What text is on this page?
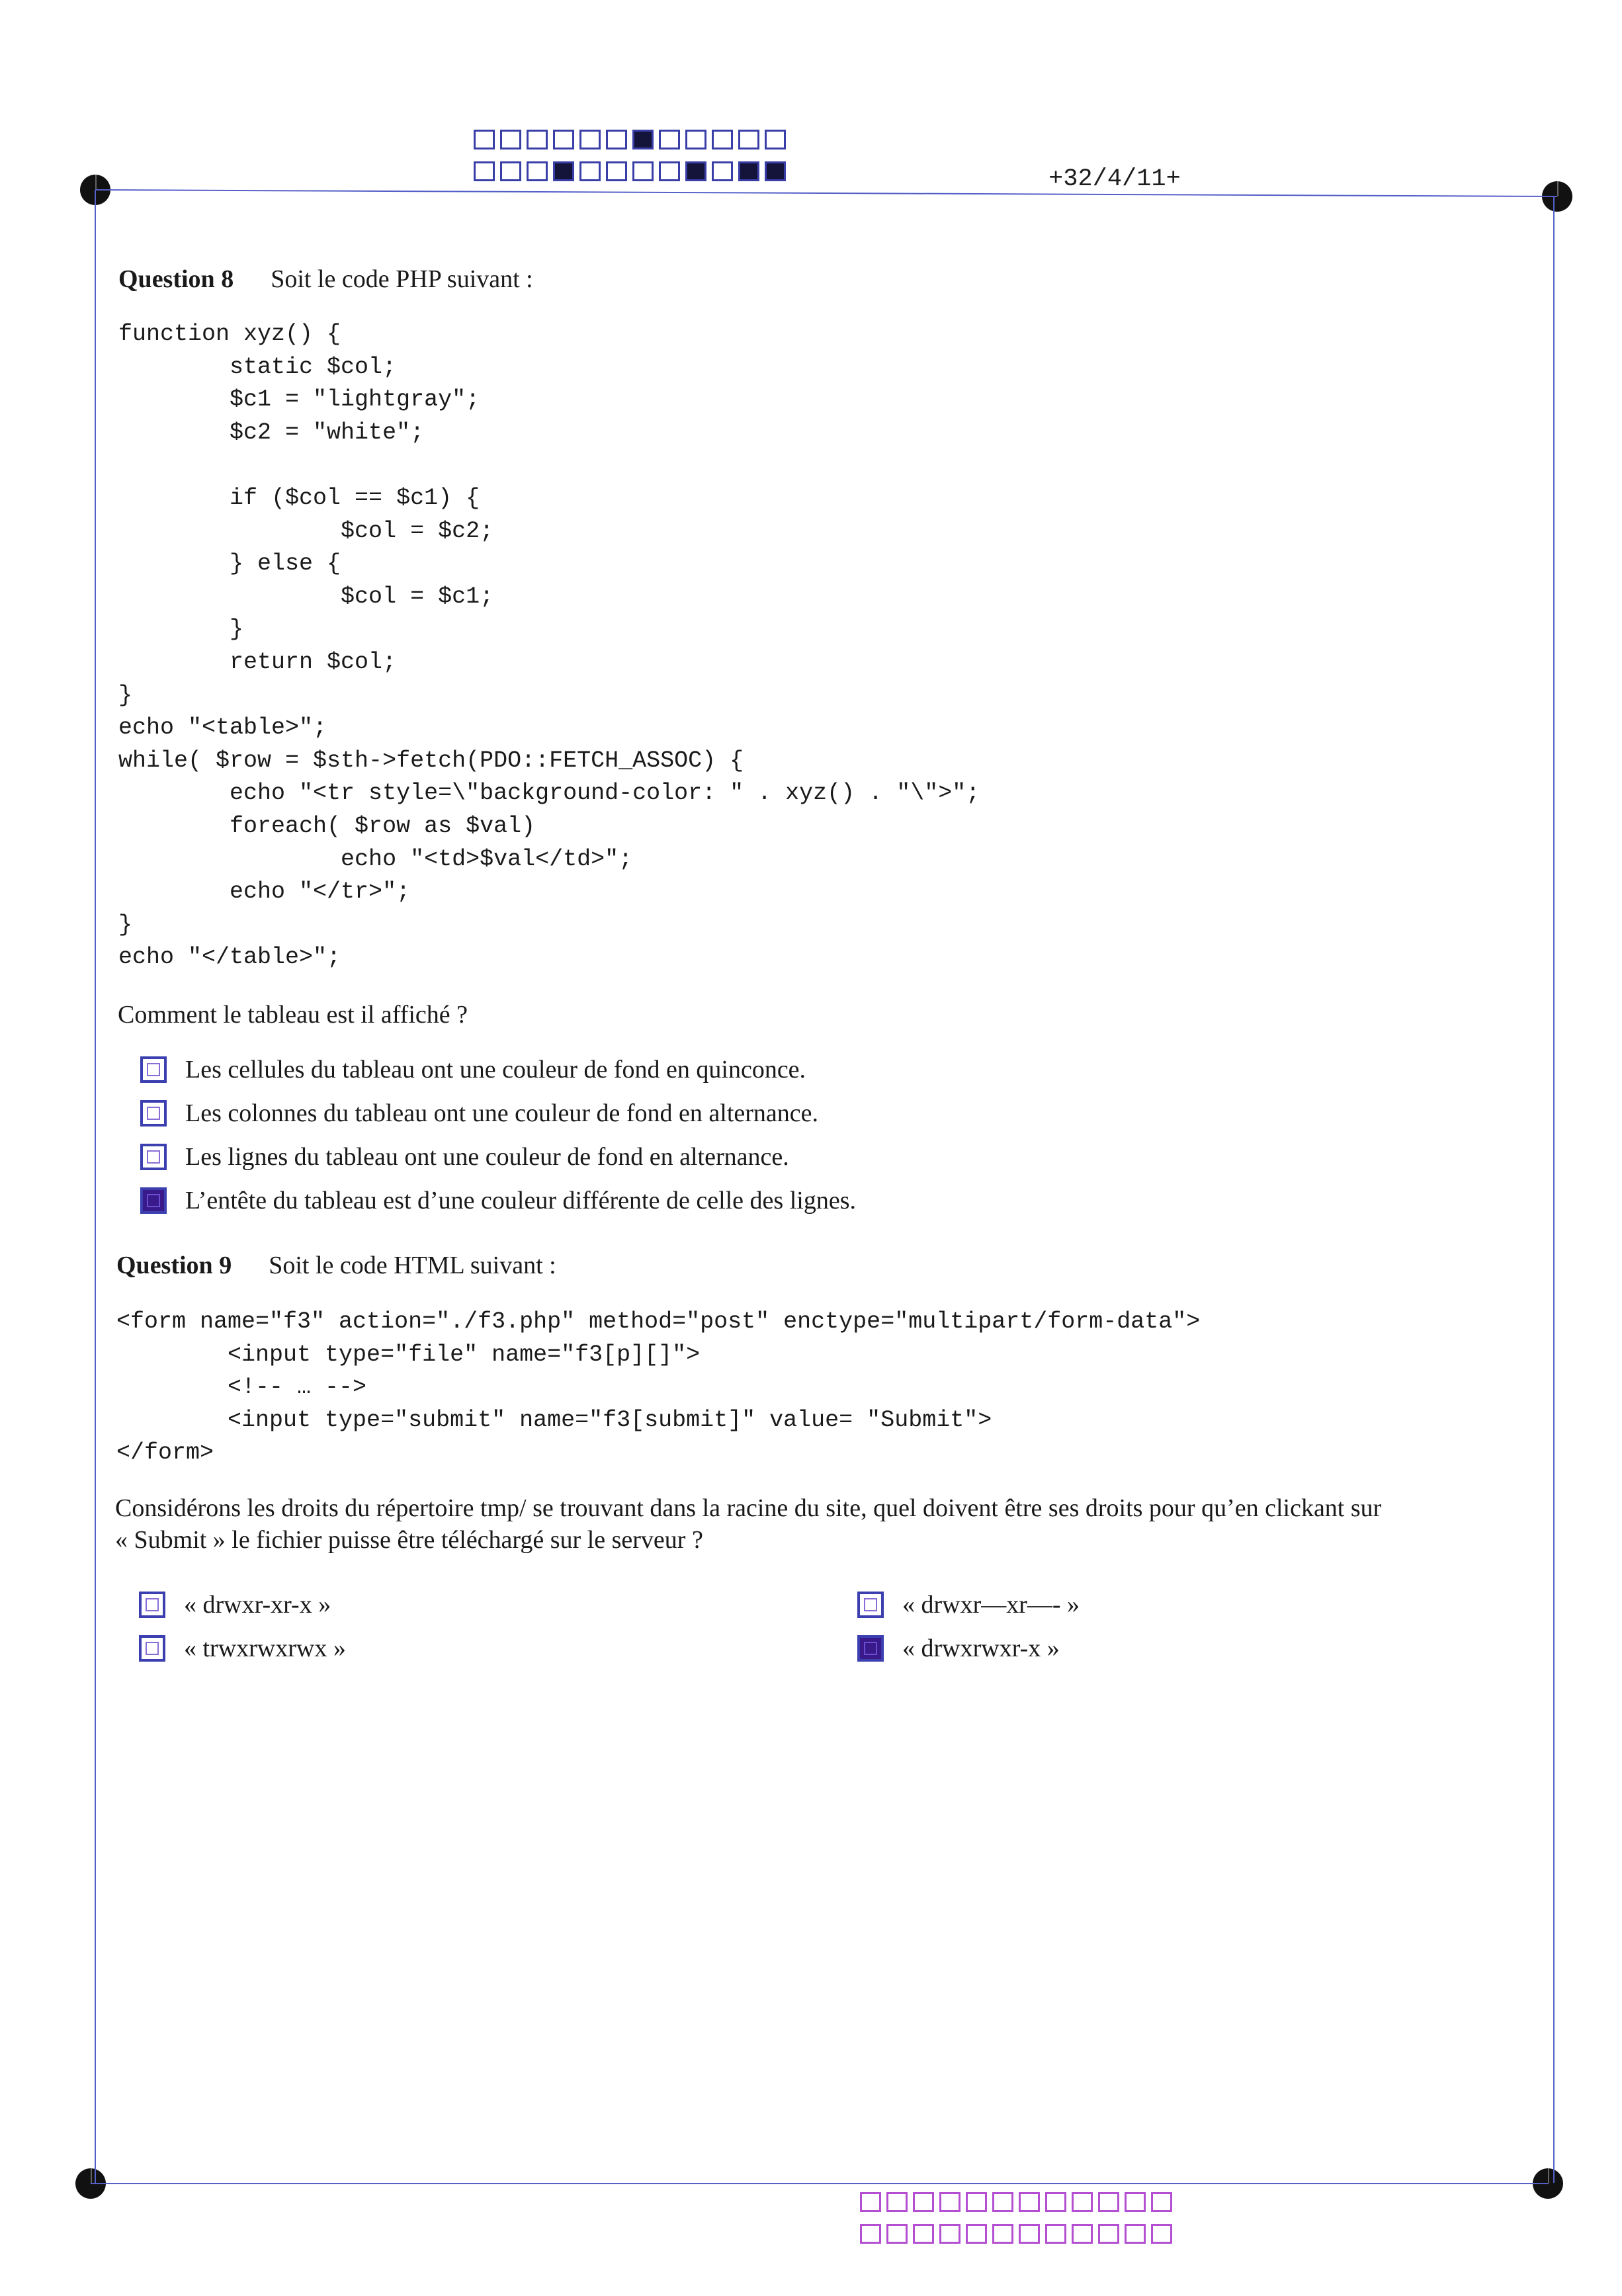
+32/4/11+
Question 8 Soit le code PHP suivant :
function xyz() {
static $col;
$c1 = "lightgray";
$c2 = "white";

if ($col == $c1) {
$col = $c2;
} else {
$col = $c1;
}
return $col;
}
echo "<table>";
while( $row = $sth->fetch(PDO::FETCH_ASSOC) {
echo "<tr style=\"background-color: " . xyz() . "\">";
foreach( $row as $val)
echo "<td>$val</td>";
echo "</tr>";
}
echo "</table>";
Comment le tableau est il affiché ?
Les cellules du tableau ont une couleur de fond en quinconce.
Les colonnes du tableau ont une couleur de fond en alternance.
Les lignes du tableau ont une couleur de fond en alternance.
L’entête du tableau est d’une couleur différente de celle des lignes.
Question 9 Soit le code HTML suivant :
<form name="f3" action="./f3.php" method="post" enctype="multipart/form-data">
<input type="file" name="f3[p][]">
<!-- … -->
<input type="submit" name="f3[submit]" value= "Submit">
</form>
Considérons les droits du répertoire tmp/ se trouvant dans la racine du site, quel doivent être ses droits pour qu’en clickant sur
« Submit » le fichier puisse être téléchargé sur le serveur ?
« drwxr-xr-x »
« trwxrwxrwx »
« drwxr—xr—- »
« drwxrwxr-x »
